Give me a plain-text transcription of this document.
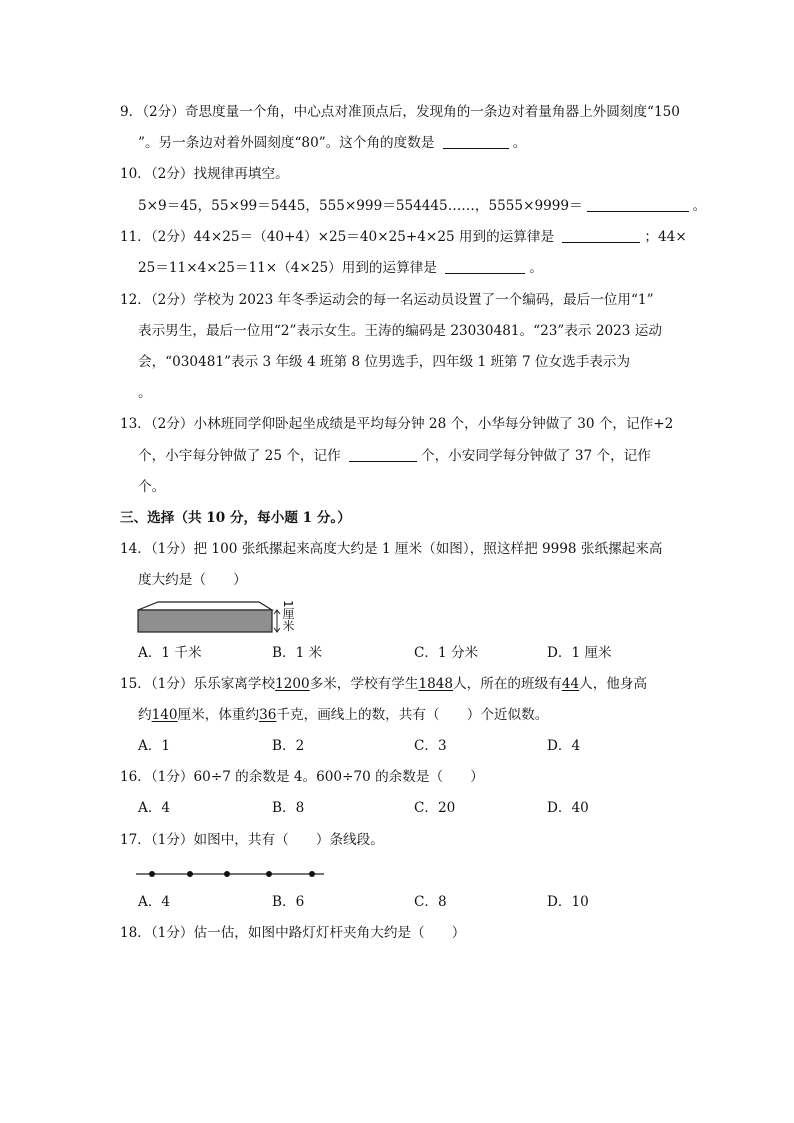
9．（2分）奇思度量一个角，中心点对准顶点后，发现角的一条边对着量角器上外圆刻度“150
”。另一条边对着外圆刻度“80”。这个角的度数是	。
10．（2分）找规律再填空。
5×9＝45，55×99＝5445，555×999＝554445……，5555×9999＝	。
11．（2分）44×25＝（40+4）×25＝40×25+4×25 用到的运算律是	；44×
25＝11×4×25＝11×（4×25）用到的运算律是	。
12．（2分）学校为 2023 年冬季运动会的每一名运动员设置了一个编码，最后一位用“1”
表示男生，最后一位用“2”表示女生。王涛的编码是 23030481。“23”表示 2023 运动
会，“030481”表示 3 年级 4 班第 8 位男选手，四年级 1 班第 7 位女选手表示为
。
13．（2分）小林班同学仰卧起坐成绩是平均每分钟 28 个，小华每分钟做了 30 个，记作+2
个，小宇每分钟做了 25 个，记作	个，小安同学每分钟做了 37 个，记作
个。
三、选择（共 10 分，每小题 1 分。）
14．（1分）把 100 张纸摞起来高度大约是 1 厘米（如图），照这样把 9998 张纸摞起来高
度大约是（　　）
1厘米
A．1 千米	B．1 米	C．1 分米	D．1 厘米
15．（1分）乐乐家离学校1200多米，学校有学生1848人，所在的班级有44人，他身高
约140厘米，体重约36千克，画线上的数，共有（　　）个近似数。
A．1	B．2	C．3	D．4
16．（1分）60÷7 的余数是 4。600÷70 的余数是（　　）
A．4	B．8	C．20	D．40
17．（1分）如图中，共有（　　）条线段。
A．4	B．6	C．8	D．10
18．（1分）估一估，如图中路灯灯杆夹角大约是（　　）
